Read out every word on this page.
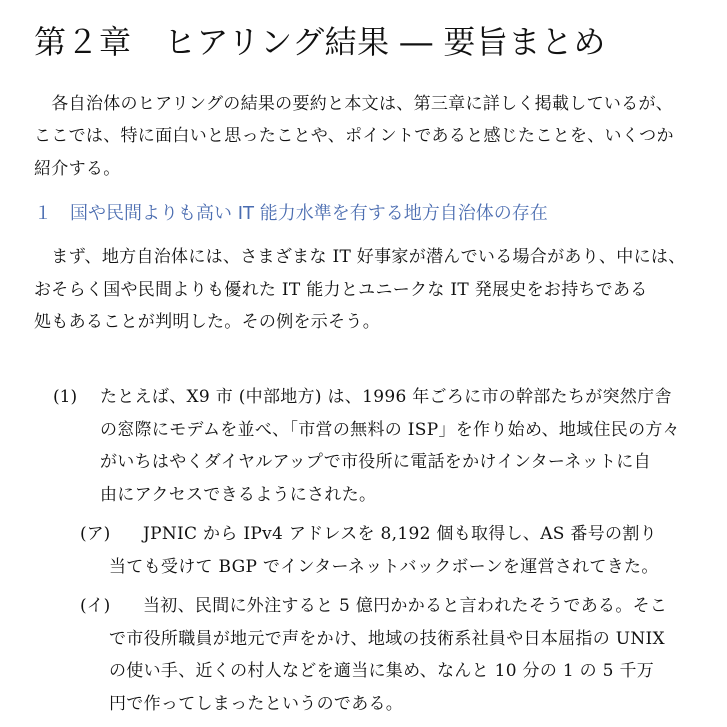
第２章　ヒアリング結果 ― 要旨まとめ

　各自治体のヒアリングの結果の要約と本文は、第三章に詳しく掲載しているが、

ここでは、特に面白いと思ったことや、ポイントであると感じたことを、いくつか

紹介する。

１　国や民間よりも高い IT 能力水準を有する地方自治体の存在

　まず、地方自治体には、さまざまな IT 好事家が潜んでいる場合があり、中には、

おそらく国や民間よりも優れた IT 能力とユニークな IT 発展史をお持ちである

処もあることが判明した。その例を示そう。

(1) たとえば、X9 市 (中部地方) は、1996 年ごろに市の幹部たちが突然庁舎

の窓際にモデムを並べ、「市営の無料の ISP」を作り始め、地域住民の方々

がいちはやくダイヤルアップで市役所に電話をかけインターネットに自

由にアクセスできるようにされた。

(ア) JPNIC から IPv4 アドレスを 8,192 個も取得し、AS 番号の割り

当ても受けて BGP でインターネットバックボーンを運営されてきた。

(イ) 当初、民間に外注すると 5 億円かかると言われたそうである。そこ

で市役所職員が地元で声をかけ、地域の技術系社員や日本屈指の UNIX

の使い手、近くの村人などを適当に集め、なんと 10 分の 1 の 5 千万

円で作ってしまったというのである。
